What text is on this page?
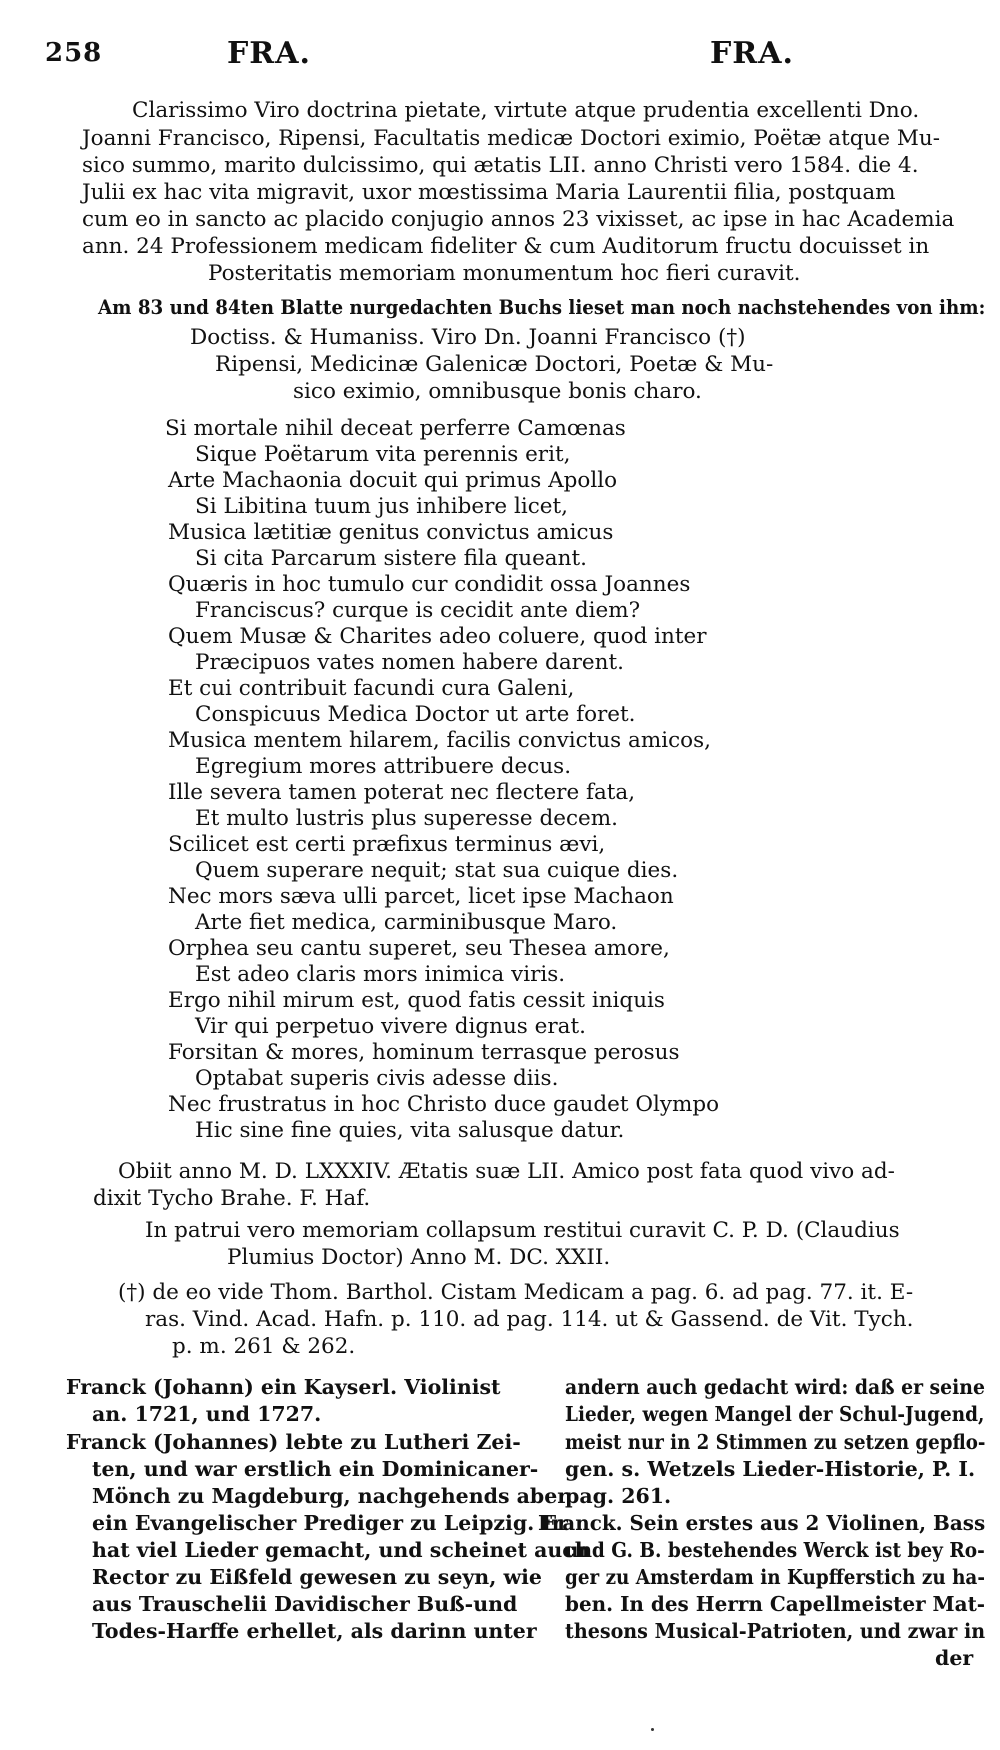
258	FRA.	FRA.
Clarissimo Viro doctrina pietate, virtute atque prudentia excellenti Dno.
Joanni Francisco, Ripensi, Facultatis medicæ Doctori eximio, Poëtæ atque Mu-
sico summo, marito dulcissimo, qui ætatis LII. anno Christi vero 1584. die 4.
Julii ex hac vita migravit, uxor mœstissima Maria Laurentii filia, postquam
cum eo in sancto ac placido conjugio annos 23 vixisset, ac ipse in hac Academia
ann. 24 Professionem medicam fideliter & cum Auditorum fructu docuisset in
Posteritatis memoriam monumentum hoc fieri curavit.
Am 83 und 84ten Blatte nurgedachten Buchs lieset man noch nachstehendes von ihm:
Doctiss. & Humaniss. Viro Dn. Joanni Francisco (†)
Ripensi, Medicinæ Galenicæ Doctori, Poetæ & Mu-
sico eximio, omnibusque bonis charo.
Si mortale nihil deceat perferre Camœnas
Sique Poëtarum vita perennis erit,
Arte Machaonia docuit qui primus Apollo
Si Libitina tuum jus inhibere licet,
Musica lætitiæ genitus convictus amicus
Si cita Parcarum sistere fila queant.
Quæris in hoc tumulo cur condidit ossa Joannes
Franciscus? curque is cecidit ante diem?
Quem Musæ & Charites adeo coluere, quod inter
Præcipuos vates nomen habere darent.
Et cui contribuit facundi cura Galeni,
Conspicuus Medica Doctor ut arte foret.
Musica mentem hilarem, facilis convictus amicos,
Egregium mores attribuere decus.
Ille severa tamen poterat nec flectere fata,
Et multo lustris plus superesse decem.
Scilicet est certi præfixus terminus ævi,
Quem superare nequit; stat sua cuique dies.
Nec mors sæva ulli parcet, licet ipse Machaon
Arte fiet medica, carminibusque Maro.
Orphea seu cantu superet, seu Thesea amore,
Est adeo claris mors inimica viris.
Ergo nihil mirum est, quod fatis cessit iniquis
Vir qui perpetuo vivere dignus erat.
Forsitan & mores, hominum terrasque perosus
Optabat superis civis adesse diis.
Nec frustratus in hoc Christo duce gaudet Olympo
Hic sine fine quies, vita salusque datur.
Obiit anno M. D. LXXXIV. Ætatis suæ LII. Amico post fata quod vivo ad-
dixit Tycho Brahe. F. Haf.
In patrui vero memoriam collapsum restitui curavit C. P. D. (Claudius
Plumius Doctor) Anno M. DC. XXII.
(†) de eo vide Thom. Barthol. Cistam Medicam a pag. 6. ad pag. 77. it. E-
ras. Vind. Acad. Hafn. p. 110. ad pag. 114. ut & Gassend. de Vit. Tych.
p. m. 261 & 262.
Franck (Johann) ein Kayserl. Violinist
an. 1721, und 1727.
Franck (Johannes) lebte zu Lutheri Zei-
ten, und war erstlich ein Dominicaner-
Mönch zu Magdeburg, nachgehends aber
ein Evangelischer Prediger zu Leipzig. Er
hat viel Lieder gemacht, und scheinet auch
Rector zu Eißfeld gewesen zu seyn, wie
aus Trauschelii Davidischer Buß-und
Todes-Harffe erhellet, als darinn unter
andern auch gedacht wird: daß er seine
Lieder, wegen Mangel der Schul-Jugend,
meist nur in 2 Stimmen zu setzen gepflo-
gen. s. Wetzels Lieder-Historie, P. I.
pag. 261.
Franck. Sein erstes aus 2 Violinen, Bass
und G. B. bestehendes Werck ist bey Ro-
ger zu Amsterdam in Kupfferstich zu ha-
ben. In des Herrn Capellmeister Mat-
thesons Musical-Patrioten, und zwar in
der
